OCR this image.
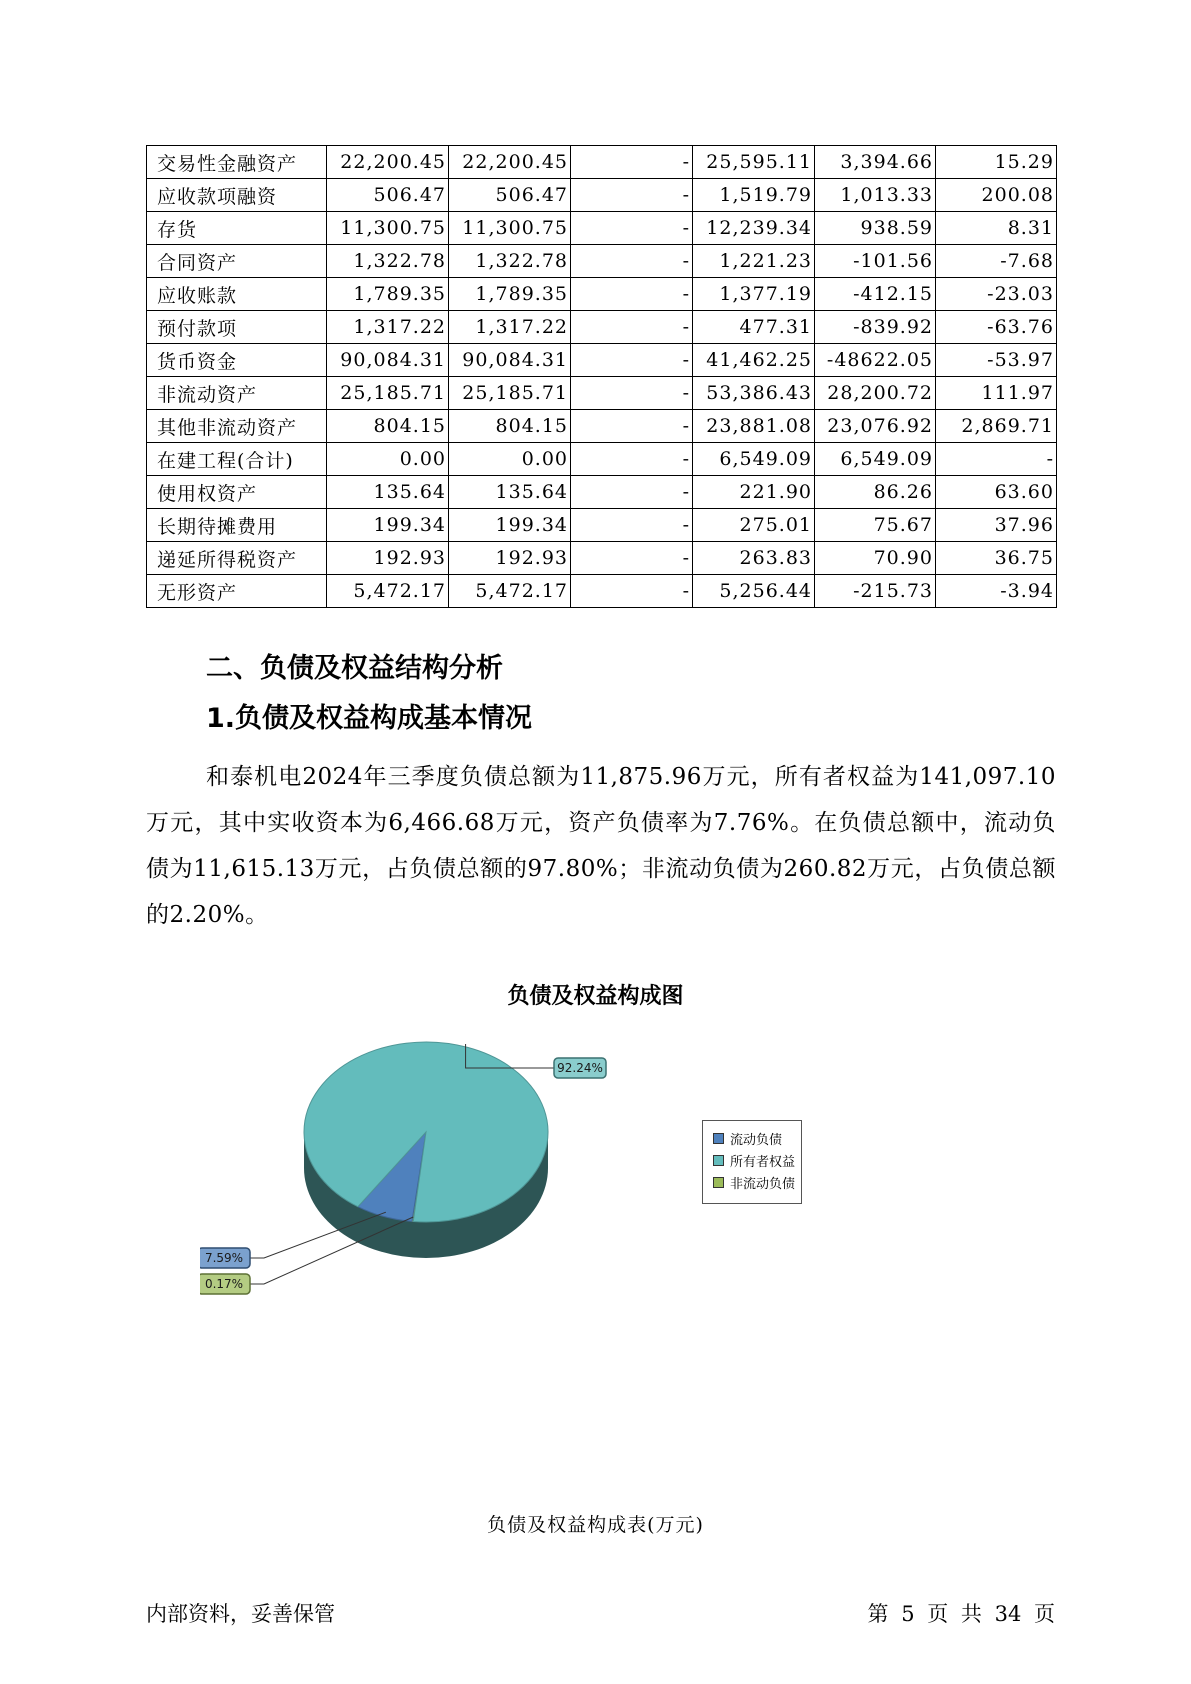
交易性金融资产	22,200.45	22,200.45	-	25,595.11	3,394.66	15.29
应收款项融资	506.47	506.47	-	1,519.79	1,013.33	200.08
存货	11,300.75	11,300.75	-	12,239.34	938.59	8.31
合同资产	1,322.78	1,322.78	-	1,221.23	-101.56	-7.68
应收账款	1,789.35	1,789.35	-	1,377.19	-412.15	-23.03
预付款项	1,317.22	1,317.22	-	477.31	-839.92	-63.76
货币资金	90,084.31	90,084.31	-	41,462.25	-48622.05	-53.97
非流动资产	25,185.71	25,185.71	-	53,386.43	28,200.72	111.97
其他非流动资产	804.15	804.15	-	23,881.08	23,076.92	2,869.71
在建工程(合计)	0.00	0.00	-	6,549.09	6,549.09	-
使用权资产	135.64	135.64	-	221.90	86.26	63.60
长期待摊费用	199.34	199.34	-	275.01	75.67	37.96
递延所得税资产	192.93	192.93	-	263.83	70.90	36.75
无形资产	5,472.17	5,472.17	-	5,256.44	-215.73	-3.94
二、负债及权益结构分析
1.负债及权益构成基本情况

和泰机电2024年三季度负债总额为11,875.96万元，所有者权益为141,097.10万元，其中实收资本为6,466.68万元，资产负债率为7.76%。在负债总额中，流动负债为11,615.13万元，占负债总额的97.80%；非流动负债为260.82万元，占负债总额的2.20%。

负债及权益构成图
7.59%
92.24%
0.17%
流动负债
所有者权益
非流动负债
负债及权益构成表(万元)
内部资料，妥善保管	第 5 页 共 34 页
